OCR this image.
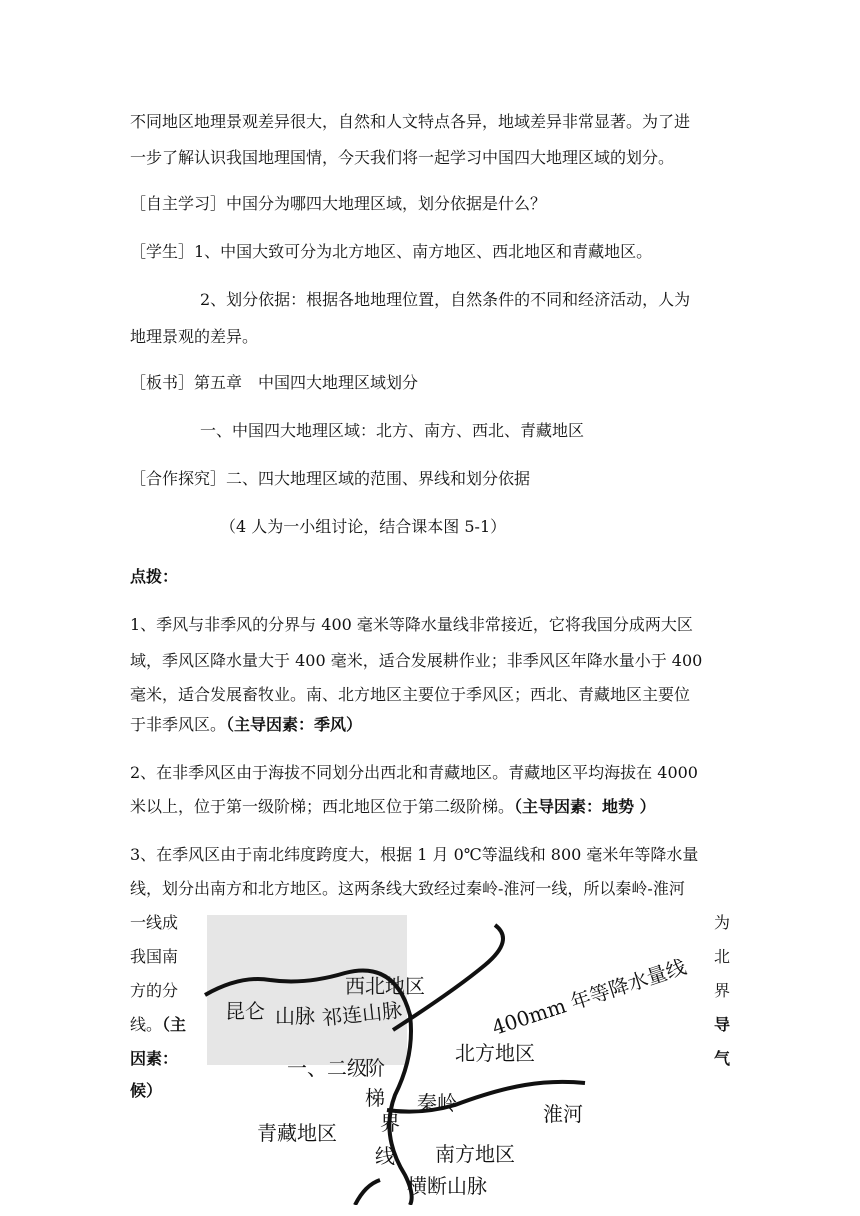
不同地区地理景观差异很大，自然和人文特点各异，地域差异非常显著。为了进
一步了解认识我国地理国情，今天我们将一起学习中国四大地理区域的划分。
［自主学习］中国分为哪四大地理区域，划分依据是什么？
［学生］1、中国大致可分为北方地区、南方地区、西北地区和青藏地区。
2、划分依据：根据各地地理位置，自然条件的不同和经济活动，人为
地理景观的差异。
［板书］第五章　中国四大地理区域划分
一、中国四大地理区域：北方、南方、西北、青藏地区
［合作探究］二、四大地理区域的范围、界线和划分依据
（4 人为一小组讨论，结合课本图 5-1）
点拨：
1、季风与非季风的分界与 400 毫米等降水量线非常接近，它将我国分成两大区
域，季风区降水量大于 400 毫米，适合发展耕作业；非季风区年降水量小于 400
毫米，适合发展畜牧业。南、北方地区主要位于季风区；西北、青藏地区主要位
于非季风区。（主导因素：季风）
2、在非季风区由于海拔不同划分出西北和青藏地区。青藏地区平均海拔在 4000
米以上，位于第一级阶梯；西北地区位于第二级阶梯。（主导因素：地势 ）
3、在季风区由于南北纬度跨度大，根据 1 月 0℃等温线和 800 毫米年等降水量
线，划分出南方和北方地区。这两条线大致经过秦岭-淮河一线，所以秦岭-淮河
一线成
我国南
方的分
线。（主
因素：
候）
为
北
界
导
气
西北地区
昆仑 山脉 祁连山脉	400mm 年等降水量线
北方地区
一、二级
阶
梯
界
线
秦岭	淮河
青藏地区
南方地区
横断山脉
